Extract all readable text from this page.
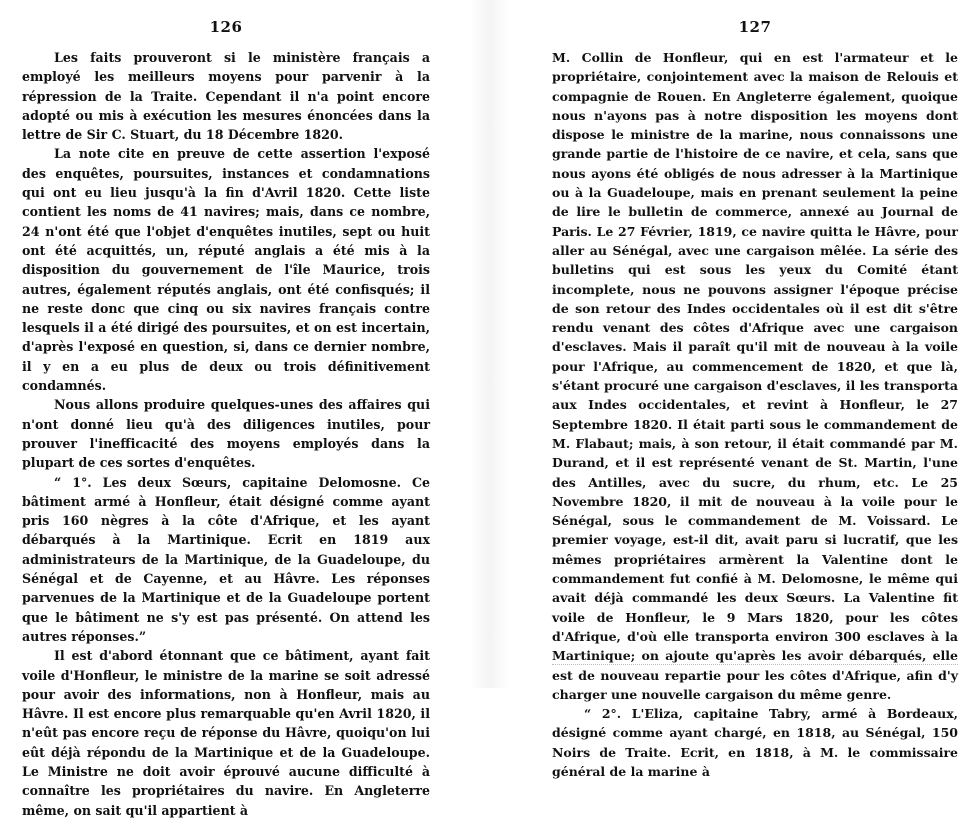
126

Les faits prouveront si le ministère français a employé les meilleurs moyens pour parvenir à la répression de la Traite. Cependant il n'a point encore adopté ou mis à exécution les mesures énoncées dans la lettre de Sir C. Stuart, du 18 Décembre 1820.

La note cite en preuve de cette assertion l'exposé des enquêtes, poursuites, instances et condamnations qui ont eu lieu jusqu'à la fin d'Avril 1820. Cette liste contient les noms de 41 navires; mais, dans ce nombre, 24 n'ont été que l'objet d'enquêtes inutiles, sept ou huit ont été acquittés, un, réputé anglais a été mis à la disposition du gouvernement de l'île Maurice, trois autres, également réputés anglais, ont été confisqués; il ne reste donc que cinq ou six navires français contre lesquels il a été dirigé des poursuites, et on est incertain, d'après l'exposé en question, si, dans ce dernier nombre, il y en a eu plus de deux ou trois définitivement condamnés.

Nous allons produire quelques-unes des affaires qui n'ont donné lieu qu'à des diligences inutiles, pour prouver l'inefficacité des moyens employés dans la plupart de ces sortes d'enquêtes.

“ 1°. Les deux Sœurs, capitaine Delomosne. Ce bâtiment armé à Honfleur, était désigné comme ayant pris 160 nègres à la côte d'Afrique, et les ayant débarqués à la Martinique. Ecrit en 1819 aux administrateurs de la Martinique, de la Guadeloupe, du Sénégal et de Cayenne, et au Hâvre. Les réponses parvenues de la Martinique et de la Guadeloupe portent que le bâtiment ne s'y est pas présenté. On attend les autres réponses.”

Il est d'abord étonnant que ce bâtiment, ayant fait voile d'Honfleur, le ministre de la marine se soit adressé pour avoir des informations, non à Honfleur, mais au Hâvre. Il est encore plus remarquable qu'en Avril 1820, il n'eût pas encore reçu de réponse du Hâvre, quoiqu'on lui eût déjà répondu de la Martinique et de la Guadeloupe. Le Ministre ne doit avoir éprouvé aucune difficulté à connaître les propriétaires du navire. En Angleterre même, on sait qu'il appartient à

127

M. Collin de Honfleur, qui en est l'armateur et le propriétaire, conjointement avec la maison de Relouis et compagnie de Rouen. En Angleterre également, quoique nous n'ayons pas à notre disposition les moyens dont dispose le ministre de la marine, nous connaissons une grande partie de l'histoire de ce navire, et cela, sans que nous ayons été obligés de nous adresser à la Martinique ou à la Guadeloupe, mais en prenant seulement la peine de lire le bulletin de commerce, annexé au Journal de Paris. Le 27 Février, 1819, ce navire quitta le Hâvre, pour aller au Sénégal, avec une cargaison mêlée. La série des bulletins qui est sous les yeux du Comité étant incomplete, nous ne pouvons assigner l'époque précise de son retour des Indes occidentales où il est dit s'être rendu venant des côtes d'Afrique avec une cargaison d'esclaves. Mais il paraît qu'il mit de nouveau à la voile pour l'Afrique, au commencement de 1820, et que là, s'étant procuré une cargaison d'esclaves, il les transporta aux Indes occidentales, et revint à Honfleur, le 27 Septembre 1820. Il était parti sous le commandement de M. Flabaut; mais, à son retour, il était commandé par M. Durand, et il est représenté venant de St. Martin, l'une des Antilles, avec du sucre, du rhum, etc. Le 25 Novembre 1820, il mit de nouveau à la voile pour le Sénégal, sous le commandement de M. Voissard. Le premier voyage, est-il dit, avait paru si lucratif, que les mêmes propriétaires armèrent la Valentine dont le commandement fut confié à M. Delomosne, le même qui avait déjà commandé les deux Sœurs. La Valentine fit voile de Honfleur, le 9 Mars 1820, pour les côtes d'Afrique, d'où elle transporta environ 300 esclaves à la Martinique; on ajoute qu'après les avoir débarqués, elle est de nouveau repartie pour les côtes d'Afrique, afin d'y charger une nouvelle cargaison du même genre.

“ 2°. L'Eliza, capitaine Tabry, armé à Bordeaux, désigné comme ayant chargé, en 1818, au Sénégal, 150 Noirs de Traite. Ecrit, en 1818, à M. le commissaire général de la marine à
